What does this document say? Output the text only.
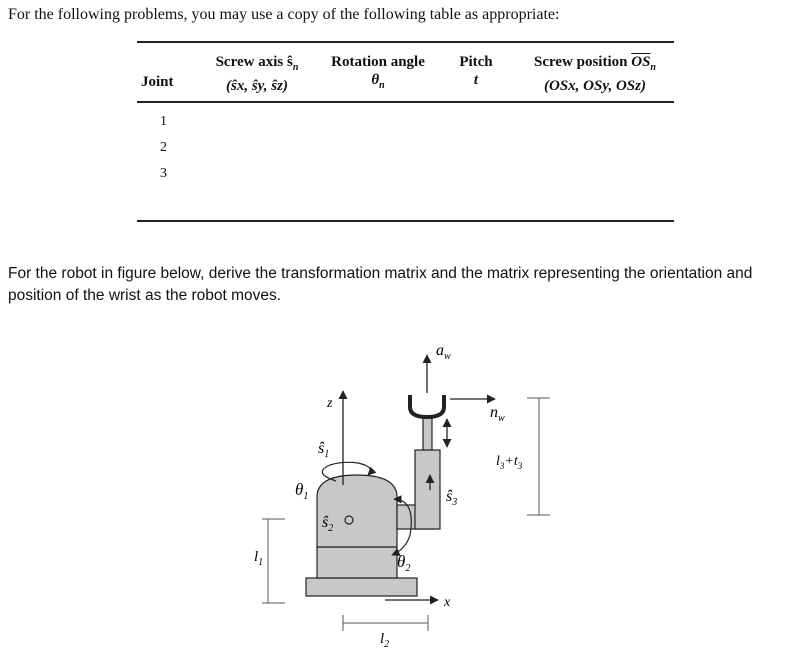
For the following problems, you may use a copy of the following table as appropriate:
Joint
Screw axis $ŝ_n$
(ŝx, ŝy, ŝz)
Rotation angle
$\theta_n$
Pitch
t
Screw position $\overline{OS}_n$
(OSx, OSy, OSz)
1
2
3
For the robot in figure below, derive the transformation matrix and the matrix representing the orientation and position of the wrist as the robot moves.
$a_w$
$n_w$
z
$ŝ_1$
$\theta_1$
$ŝ_2$
$\theta_2$
$ŝ_3$
x
$l_1$
$l_2$
$l_3+t_3$
